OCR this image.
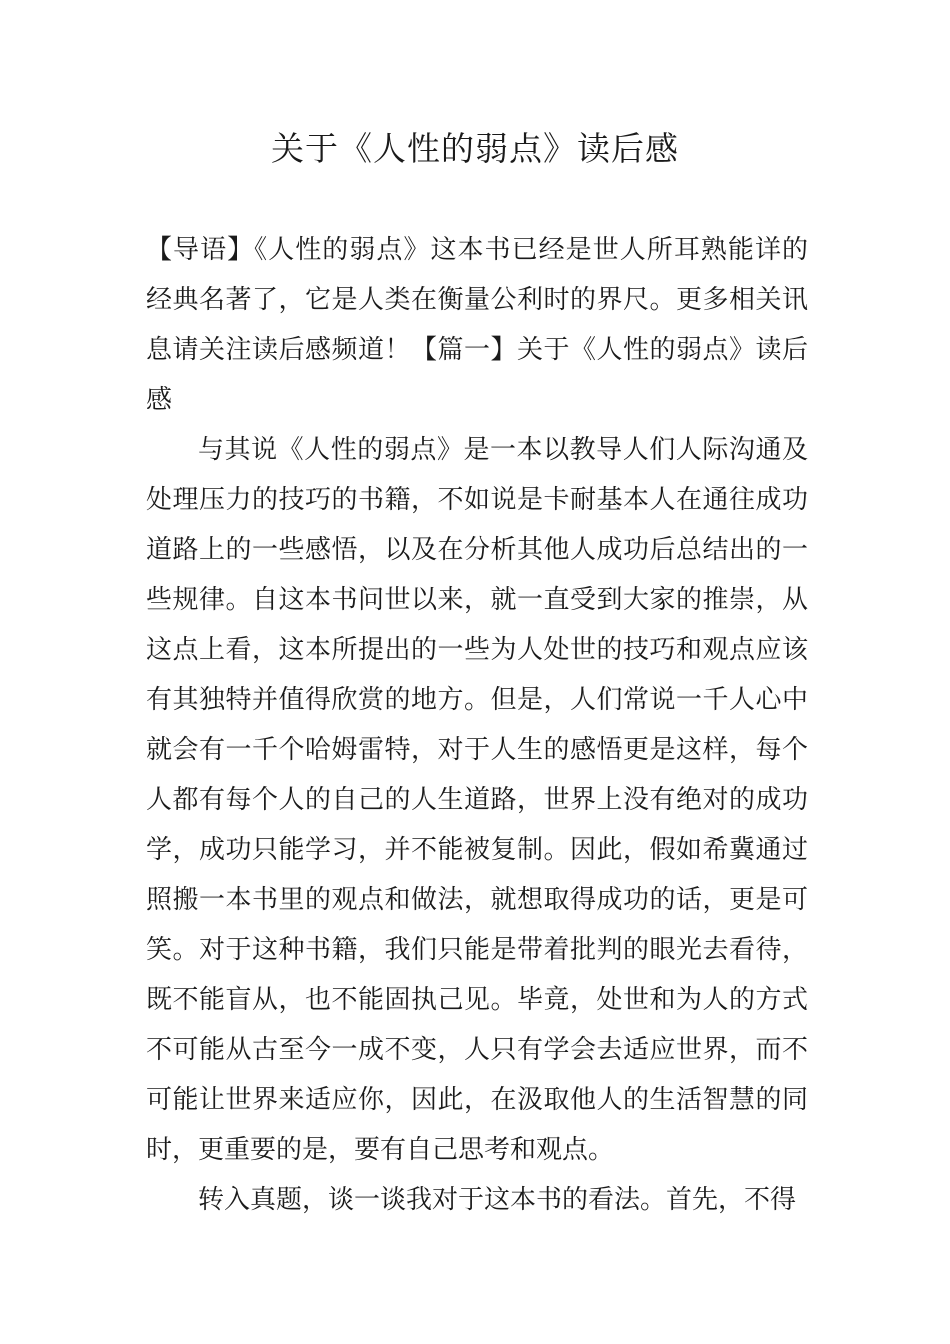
关于《人性的弱点》读后感

【导语】《人性的弱点》这本书已经是世人所耳熟能详的经典名著了，它是人类在衡量公利时的界尺。更多相关讯息请关注读后感频道！【篇一】关于《人性的弱点》读后感

与其说《人性的弱点》是一本以教导人们人际沟通及处理压力的技巧的书籍，不如说是卡耐基本人在通往成功道路上的一些感悟，以及在分析其他人成功后总结出的一些规律。自这本书问世以来，就一直受到大家的推崇，从这点上看，这本所提出的一些为人处世的技巧和观点应该有其独特并值得欣赏的地方。但是，人们常说一千人心中就会有一千个哈姆雷特，对于人生的感悟更是这样，每个人都有每个人的自己的人生道路，世界上没有绝对的成功学，成功只能学习，并不能被复制。因此，假如希冀通过照搬一本书里的观点和做法，就想取得成功的话，更是可笑。对于这种书籍，我们只能是带着批判的眼光去看待，既不能盲从，也不能固执己见。毕竟，处世和为人的方式不可能从古至今一成不变，人只有学会去适应世界，而不可能让世界来适应你，因此，在汲取他人的生活智慧的同时，更重要的是，要有自己思考和观点。

转入真题，谈一谈我对于这本书的看法。首先，不得
